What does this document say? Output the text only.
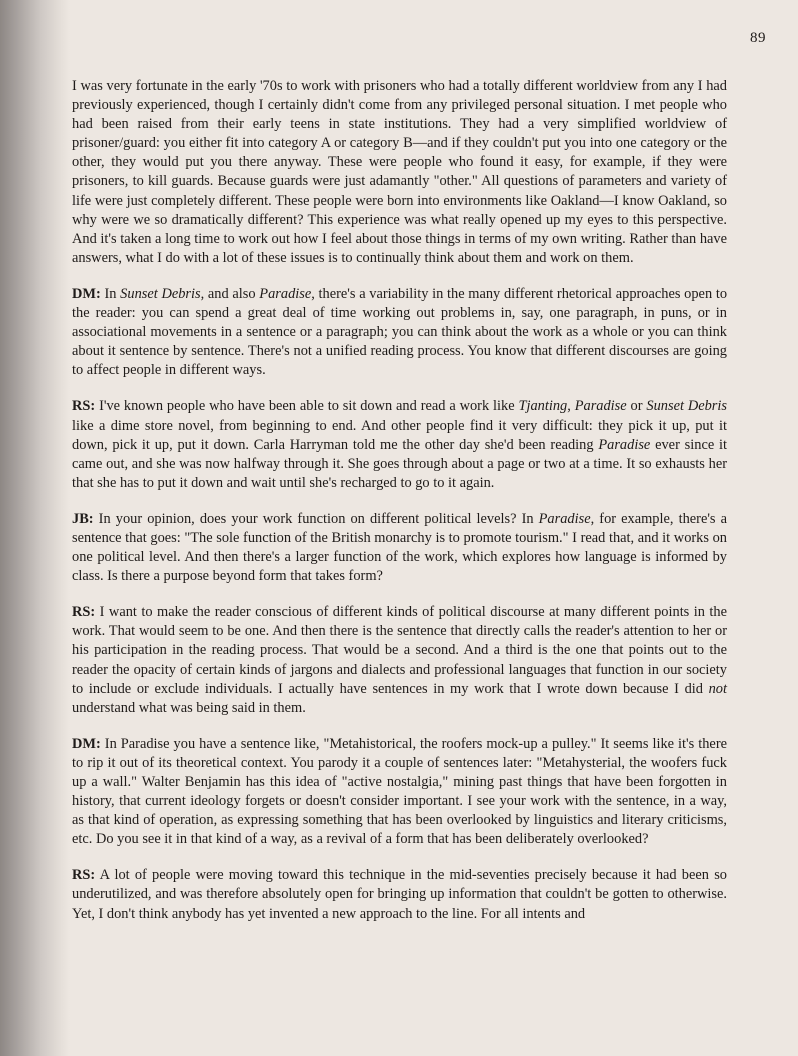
89

I was very fortunate in the early '70s to work with prisoners who had a totally different worldview from any I had previously experienced, though I certainly didn't come from any privileged personal situation. I met people who had been raised from their early teens in state institutions. They had a very simplified worldview of prisoner/guard: you either fit into category A or category B—and if they couldn't put you into one category or the other, they would put you there anyway. These were people who found it easy, for example, if they were prisoners, to kill guards. Because guards were just adamantly "other." All questions of parameters and variety of life were just completely different. These people were born into environments like Oakland—I know Oakland, so why were we so dramatically different? This experience was what really opened up my eyes to this perspective. And it's taken a long time to work out how I feel about those things in terms of my own writing. Rather than have answers, what I do with a lot of these issues is to continually think about them and work on them.

DM: In Sunset Debris, and also Paradise, there's a variability in the many different rhetorical approaches open to the reader: you can spend a great deal of time working out problems in, say, one paragraph, in puns, or in associational movements in a sentence or a paragraph; you can think about the work as a whole or you can think about it sentence by sentence. There's not a unified reading process. You know that different discourses are going to affect people in different ways.

RS: I've known people who have been able to sit down and read a work like Tjanting, Paradise or Sunset Debris like a dime store novel, from beginning to end. And other people find it very difficult: they pick it up, put it down, pick it up, put it down. Carla Harryman told me the other day she'd been reading Paradise ever since it came out, and she was now halfway through it. She goes through about a page or two at a time. It so exhausts her that she has to put it down and wait until she's recharged to go to it again.

JB: In your opinion, does your work function on different political levels? In Paradise, for example, there's a sentence that goes: "The sole function of the British monarchy is to promote tourism." I read that, and it works on one political level. And then there's a larger function of the work, which explores how language is informed by class. Is there a purpose beyond form that takes form?

RS: I want to make the reader conscious of different kinds of political discourse at many different points in the work. That would seem to be one. And then there is the sentence that directly calls the reader's attention to her or his participation in the reading process. That would be a second. And a third is the one that points out to the reader the opacity of certain kinds of jargons and dialects and professional languages that function in our society to include or exclude individuals. I actually have sentences in my work that I wrote down because I did not understand what was being said in them.

DM: In Paradise you have a sentence like, "Metahistorical, the roofers mock-up a pulley." It seems like it's there to rip it out of its theoretical context. You parody it a couple of sentences later: "Metahysterial, the woofers fuck up a wall." Walter Benjamin has this idea of "active nostalgia," mining past things that have been forgotten in history, that current ideology forgets or doesn't consider important. I see your work with the sentence, in a way, as that kind of operation, as expressing something that has been overlooked by linguistics and literary criticisms, etc. Do you see it in that kind of a way, as a revival of a form that has been deliberately overlooked?

RS: A lot of people were moving toward this technique in the mid-seventies precisely because it had been so underutilized, and was therefore absolutely open for bringing up information that couldn't be gotten to otherwise. Yet, I don't think anybody has yet invented a new approach to the line. For all intents and
